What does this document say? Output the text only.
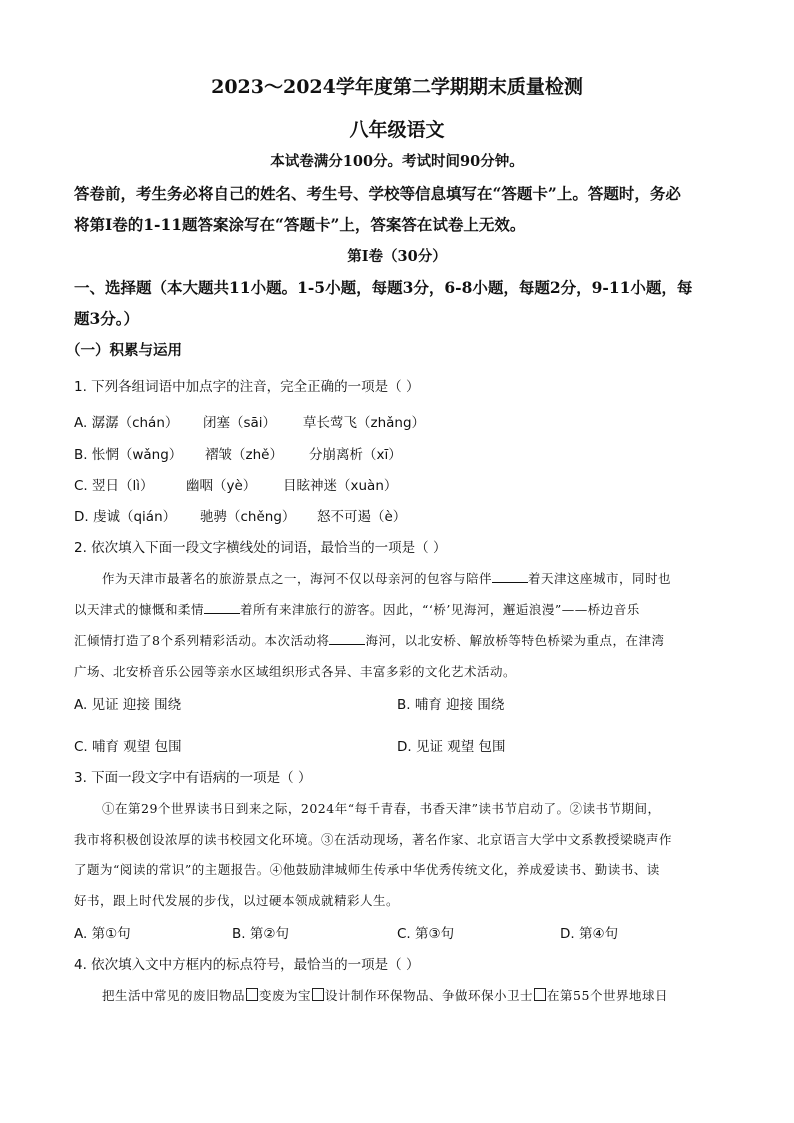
2023～2024学年度第二学期期末质量检测
八年级语文
本试卷满分100分。考试时间90分钟。
答卷前，考生务必将自己的姓名、考生号、学校等信息填写在“答题卡”上。答题时，务必
将第Ⅰ卷的1-11题答案涂写在“答题卡”上，答案答在试卷上无效。
第Ⅰ卷（30分）
一、选择题（本大题共11小题。1-5小题，每题3分，6-8小题，每题2分，9-11小题，每
题3分。）
（一）积累与运用
1. 下列各组词语中加点字的注音，完全正确的一项是（ ）
A. 潺潺（chán） 闭塞（sāi） 草长莺飞（zhǎng）
B. 怅惘（wǎng） 褶皱（zhě） 分崩离析（xī）
C. 翌日（lì） 幽咽（yè） 目眩神迷（xuàn）
D. 虔诚（qián） 驰骋（chěng） 怒不可遏（è）
2. 依次填入下面一段文字横线处的词语，最恰当的一项是（ ）
作为天津市最著名的旅游景点之一，海河不仅以母亲河的包容与陪伴	着天津这座城市，同时也
以天津式的慷慨和柔情	着所有来津旅行的游客。因此，“‘桥’见海河，邂逅浪漫”——桥边音乐
汇倾情打造了8个系列精彩活动。本次活动将	海河，以北安桥、解放桥等特色桥梁为重点，在津湾
广场、北安桥音乐公园等亲水区域组织形式各异、丰富多彩的文化艺术活动。
A. 见证 迎接 围绕	B. 哺育 迎接 围绕
C. 哺育 观望 包围	D. 见证 观望 包围
3. 下面一段文字中有语病的一项是（ ）
①在第29个世界读书日到来之际，2024年“每千青春，书香天津”读书节启动了。②读书节期间，
我市将积极创设浓厚的读书校园文化环境。③在活动现场，著名作家、北京语言大学中文系教授梁晓声作
了题为“阅读的常识”的主题报告。④他鼓励津城师生传承中华优秀传统文化，养成爱读书、勤读书、读
好书，跟上时代发展的步伐，以过硬本领成就精彩人生。
A. 第①句	B. 第②句	C. 第③句	D. 第④句
4. 依次填入文中方框内的标点符号，最恰当的一项是（ ）
把生活中常见的废旧物品 变废为宝 设计制作环保物品、争做环保小卫士 在第55个世界地球日
